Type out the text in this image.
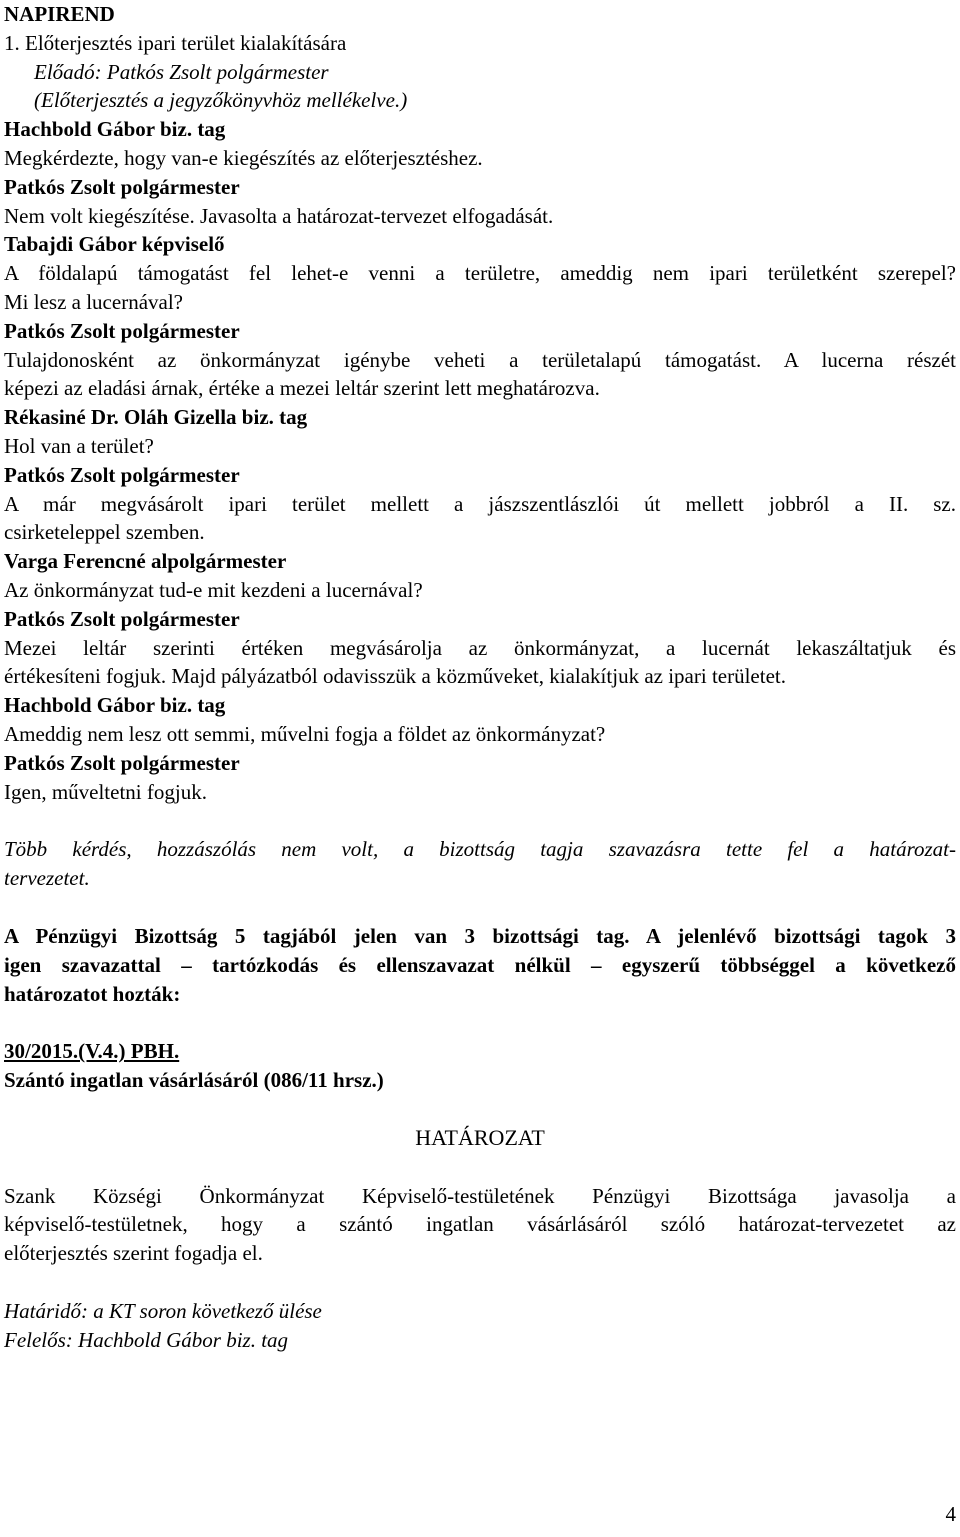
NAPIREND
1. Előterjesztés ipari terület kialakítására
Előadó: Patkós Zsolt polgármester
(Előterjesztés a jegyzőkönyvhöz mellékelve.)
Hachbold Gábor biz. tag
Megkérdezte, hogy van-e kiegészítés az előterjesztéshez.
Patkós Zsolt polgármester
Nem volt kiegészítése. Javasolta a határozat-tervezet elfogadását.
Tabajdi Gábor képviselő
A földalapú támogatást fel lehet-e venni a területre, ameddig nem ipari területként szerepel?
Mi lesz a lucernával?
Patkós Zsolt polgármester
Tulajdonosként az önkormányzat igénybe veheti a területalapú támogatást. A lucerna részét
képezi az eladási árnak, értéke a mezei leltár szerint lett meghatározva.
Rékasiné Dr. Oláh Gizella biz. tag
Hol van a terület?
Patkós Zsolt polgármester
A már megvásárolt ipari terület mellett a jászszentlászlói út mellett jobbról a II. sz.
csirketeleppel szemben.
Varga Ferencné alpolgármester
Az önkormányzat tud-e mit kezdeni a lucernával?
Patkós Zsolt polgármester
Mezei leltár szerinti értéken megvásárolja az önkormányzat, a lucernát lekaszáltatjuk és
értékesíteni fogjuk. Majd pályázatból odavisszük a közműveket, kialakítjuk az ipari területet.
Hachbold Gábor biz. tag
Ameddig nem lesz ott semmi, művelni fogja a földet az önkormányzat?
Patkós Zsolt polgármester
Igen, műveltetni fogjuk.
Több kérdés, hozzászólás nem volt, a bizottság tagja szavazásra tette fel a határozat-
tervezetet.
A Pénzügyi Bizottság 5 tagjából jelen van 3 bizottsági tag. A jelenlévő bizottsági tagok 3
igen szavazattal – tartózkodás és ellenszavazat nélkül – egyszerű többséggel a következő
határozatot hozták:
30/2015.(V.4.) PBH.
Szántó ingatlan vásárlásáról (086/11 hrsz.)
HATÁROZAT
Szank Községi Önkormányzat Képviselő-testületének Pénzügyi Bizottsága javasolja a
képviselő-testületnek, hogy a szántó ingatlan vásárlásáról szóló határozat-tervezetet az
előterjesztés szerint fogadja el.
Határidő: a KT soron következő ülése
Felelős: Hachbold Gábor biz. tag
4
